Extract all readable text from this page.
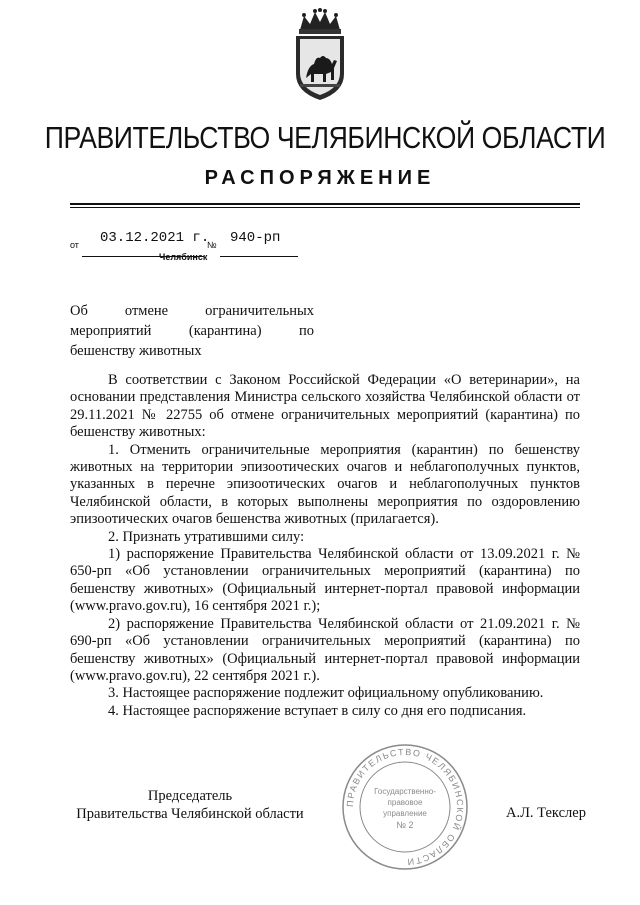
ПРАВИТЕЛЬСТВО ЧЕЛЯБИНСКОЙ ОБЛАСТИ
РАСПОРЯЖЕНИЕ
от 03.12.2021 г.
№ 940-рп
Челябинск
Об отмене ограничительных
мероприятий (карантина) по
бешенству животных

В соответствии с Законом Российской Федерации «О ветеринарии», на основании представления Министра сельского хозяйства Челябинской области от 29.11.2021 № 22755 об отмене ограничительных мероприятий (карантина) по бешенству животных:

1. Отменить ограничительные мероприятия (карантин) по бешенству животных на территории эпизоотических очагов и неблагополучных пунктов, указанных в перечне эпизоотических очагов и неблагополучных пунктов Челябинской области, в которых выполнены мероприятия по оздоровлению эпизоотических очагов бешенства животных (прилагается).

2. Признать утратившими силу:

1) распоряжение Правительства Челябинской области от 13.09.2021 г. № 650-рп «Об установлении ограничительных мероприятий (карантина) по бешенству животных» (Официальный интернет-портал правовой информации (www.pravo.gov.ru), 16 сентября 2021 г.);

2) распоряжение Правительства Челябинской области от 21.09.2021 г. № 690-рп «Об установлении ограничительных мероприятий (карантина) по бешенству животных» (Официальный интернет-портал правовой информации (www.pravo.gov.ru), 22 сентября 2021 г.).

3. Настоящее распоряжение подлежит официальному опубликованию.

4. Настоящее распоряжение вступает в силу со дня его подписания.

Председатель
Правительства Челябинской области	А.Л. Текслер
ПРАВИТЕЛЬСТВО ЧЕЛЯБИНСКОЙ ОБЛАСТИ
Государственно-
правовое
управление
№ 2
